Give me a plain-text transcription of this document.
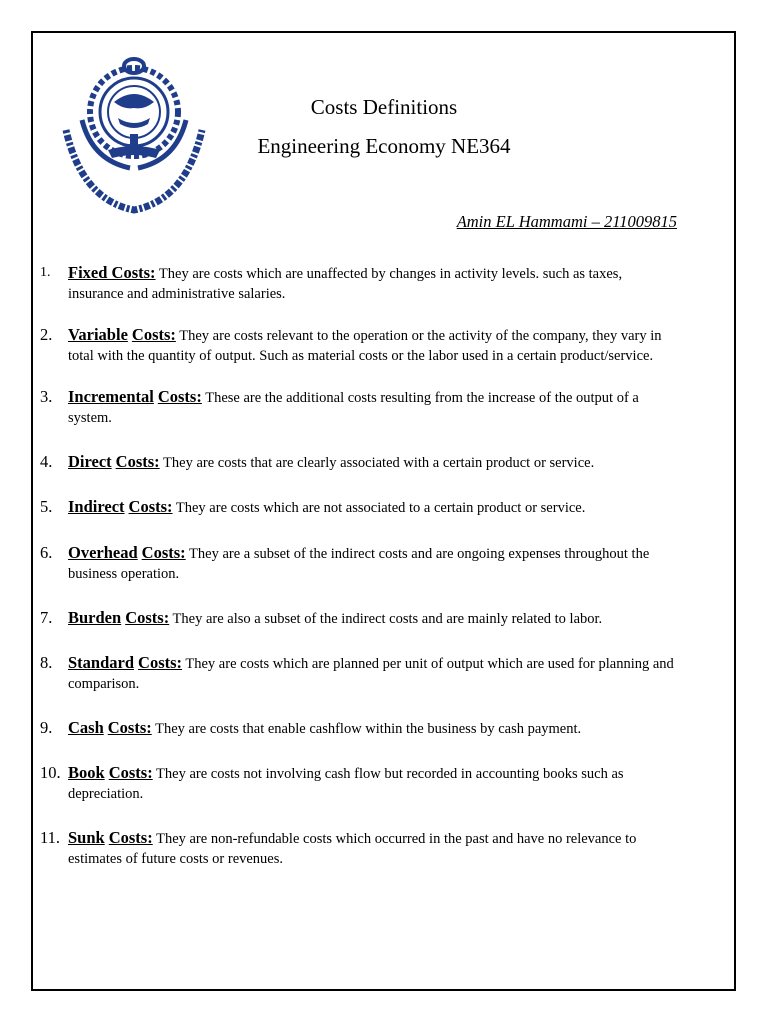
Costs Definitions
Engineering Economy NE364
Amin EL Hammami – 211009815
1. Fixed Costs: They are costs which are unaffected by changes in activity levels. such as taxes, insurance and administrative salaries.
2. Variable Costs: They are costs relevant to the operation or the activity of the company, they vary in total with the quantity of output. Such as material costs or the labor used in a certain product/service.
3. Incremental Costs: These are the additional costs resulting from the increase of the output of a system.
4. Direct Costs: They are costs that are clearly associated with a certain product or service.
5. Indirect Costs: They are costs which are not associated to a certain product or service.
6. Overhead Costs: They are a subset of the indirect costs and are ongoing expenses throughout the business operation.
7. Burden Costs: They are also a subset of the indirect costs and are mainly related to labor.
8. Standard Costs: They are costs which are planned per unit of output which are used for planning and comparison.
9. Cash Costs: They are costs that enable cashflow within the business by cash payment.
10. Book Costs: They are costs not involving cash flow but recorded in accounting books such as depreciation.
11. Sunk Costs: They are non-refundable costs which occurred in the past and have no relevance to estimates of future costs or revenues.
